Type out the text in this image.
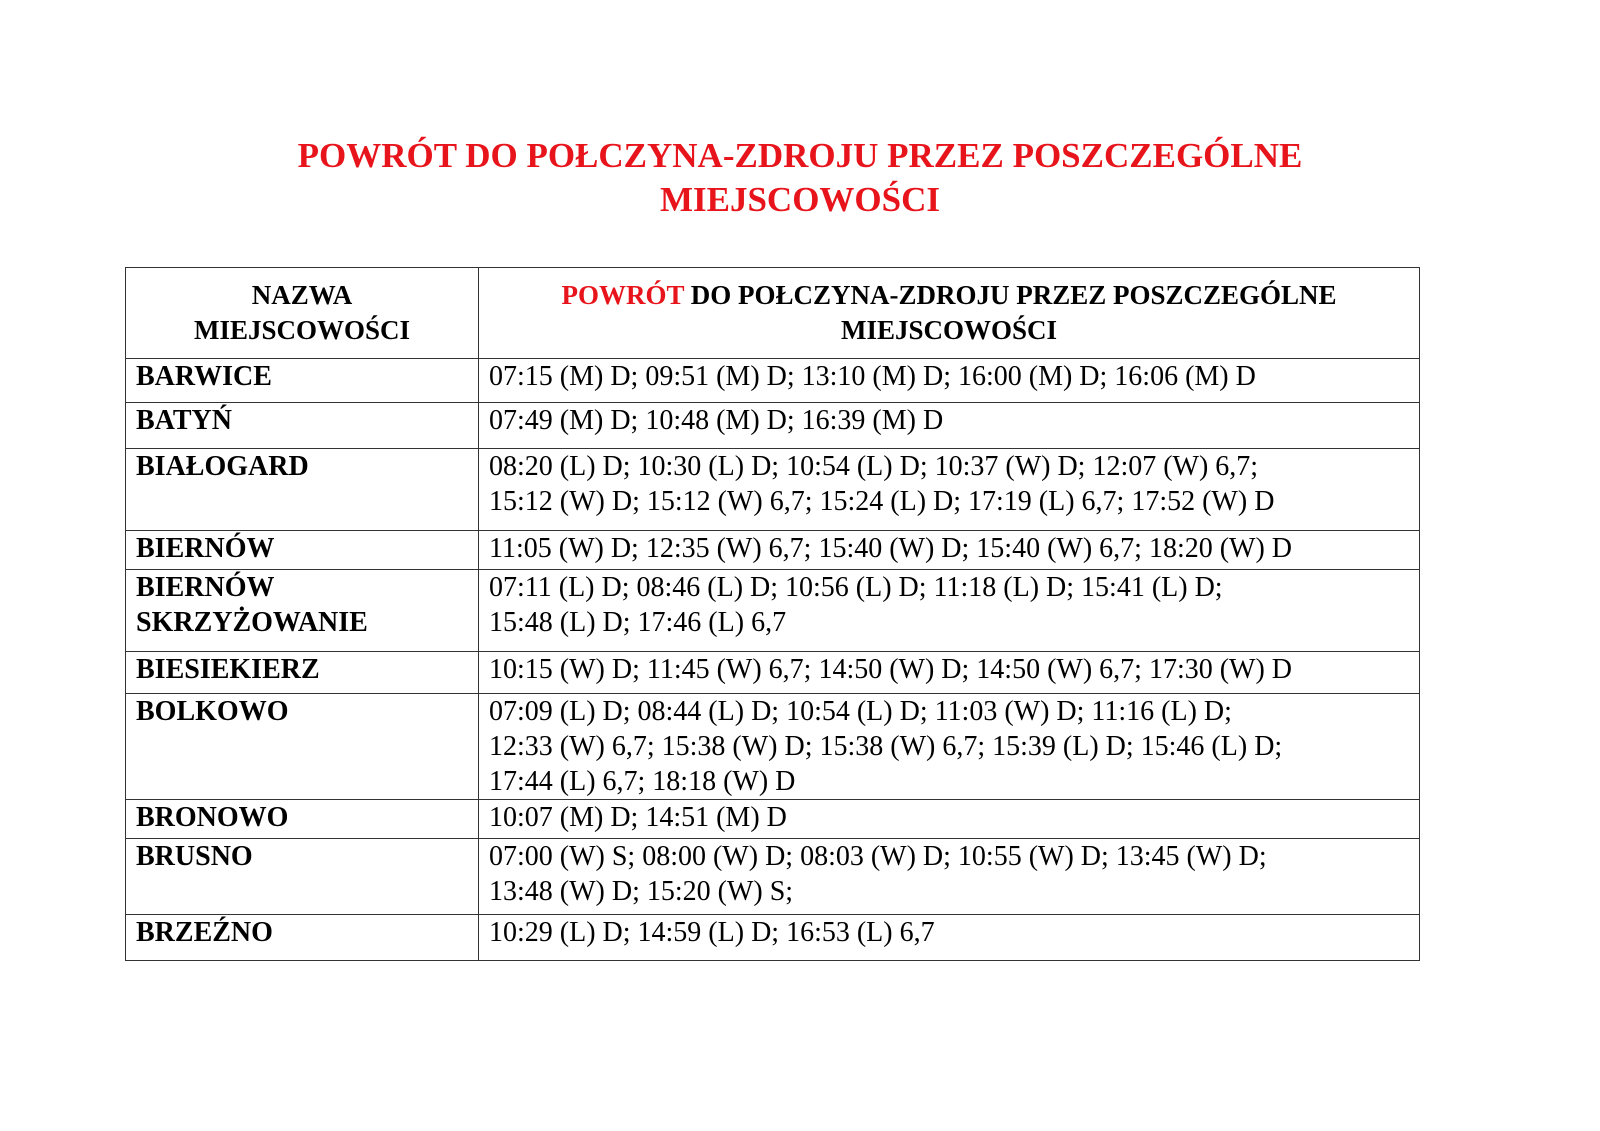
POWRÓT DO POŁCZYNA-ZDROJU PRZEZ POSZCZEGÓLNE
MIEJSCOWOŚCI
NAZWA
MIEJSCOWOŚCI	POWRÓT DO POŁCZYNA-ZDROJU PRZEZ POSZCZEGÓLNE
MIEJSCOWOŚCI

BARWICE	07:15 (M) D; 09:51 (M) D; 13:10 (M) D; 16:00 (M) D; 16:06 (M) D

BATYŃ	07:49 (M) D; 10:48 (M) D; 16:39 (M) D

BIAŁOGARD	08:20 (L) D; 10:30 (L) D; 10:54 (L) D; 10:37 (W) D; 12:07 (W) 6,7;
15:12 (W) D; 15:12 (W) 6,7; 15:24 (L) D; 17:19 (L) 6,7; 17:52 (W) D

BIERNÓW	11:05 (W) D; 12:35 (W) 6,7; 15:40 (W) D; 15:40 (W) 6,7; 18:20 (W) D

BIERNÓW
SKRZYŻOWANIE	07:11 (L) D; 08:46 (L) D; 10:56 (L) D; 11:18 (L) D; 15:41 (L) D;
15:48 (L) D; 17:46 (L) 6,7

BIESIEKIERZ	10:15 (W) D; 11:45 (W) 6,7; 14:50 (W) D; 14:50 (W) 6,7; 17:30 (W) D

BOLKOWO	07:09 (L) D; 08:44 (L) D; 10:54 (L) D; 11:03 (W) D; 11:16 (L) D;
12:33 (W) 6,7; 15:38 (W) D; 15:38 (W) 6,7; 15:39 (L) D; 15:46 (L) D;
17:44 (L) 6,7; 18:18 (W) D

BRONOWO	10:07 (M) D; 14:51 (M) D

BRUSNO	07:00 (W) S; 08:00 (W) D; 08:03 (W) D; 10:55 (W) D; 13:45 (W) D;
13:48 (W) D; 15:20 (W) S;

BRZEŹNO	10:29 (L) D; 14:59 (L) D; 16:53 (L) 6,7
